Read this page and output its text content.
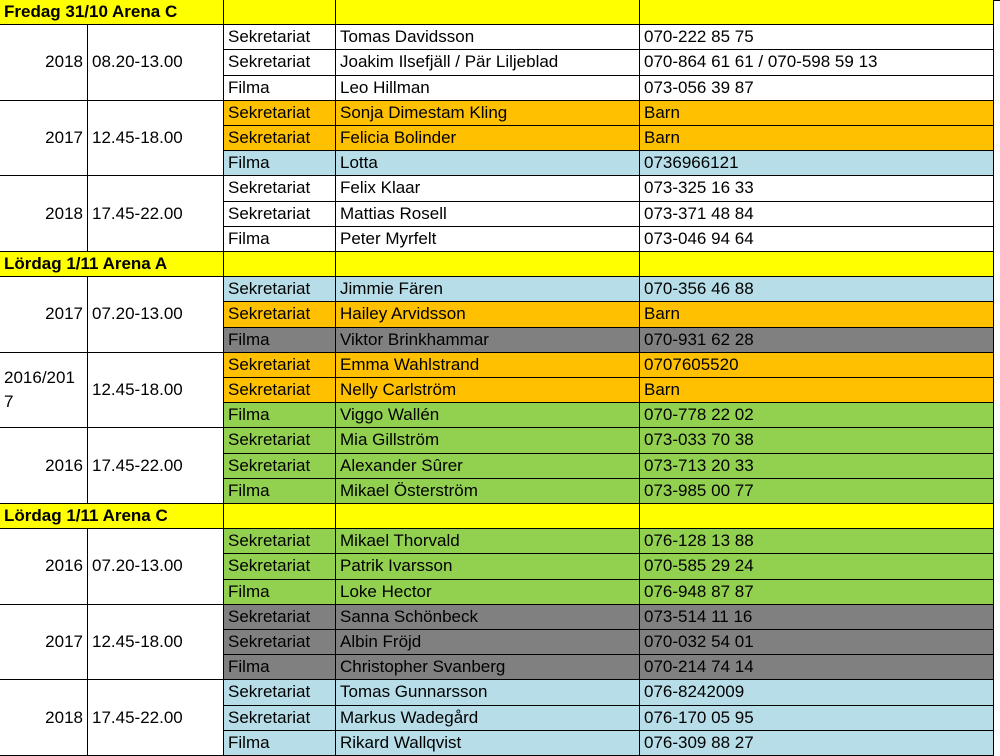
Fredag 31/10 Arena C
2018 08.20-13.00
Sekretariat	Tomas Davidsson	070-222 85 75
Sekretariat	Joakim Ilsefjäll / Pär Liljeblad	070-864 61 61 / 070-598 59 13
Filma	Leo Hillman	073-056 39 87
2017 12.45-18.00
Sekretariat	Sonja Dimestam Kling	Barn
Sekretariat	Felicia Bolinder	Barn
Filma	Lotta	0736966121
2018 17.45-22.00
Sekretariat	Felix Klaar	073-325 16 33
Sekretariat	Mattias Rosell	073-371 48 84
Filma	Peter Myrfelt	073-046 94 64
Lördag 1/11 Arena A
2017 07.20-13.00
Sekretariat	Jimmie Fären	070-356 46 88
Sekretariat	Hailey Arvidsson	Barn
Filma	Viktor Brinkhammar	070-931 62 28
2016/2017
12.45-18.00
Sekretariat	Emma Wahlstrand	0707605520
Sekretariat	Nelly Carlström	Barn
Filma	Viggo Wallén	070-778 22 02
2016 17.45-22.00
Sekretariat	Mia Gillström	073-033 70 38
Sekretariat	Alexander Sûrer	073-713 20 33
Filma	Mikael Österström	073-985 00 77
Lördag 1/11 Arena C
2016 07.20-13.00
Sekretariat	Mikael Thorvald	076-128 13 88
Sekretariat	Patrik Ivarsson	070-585 29 24
Filma	Loke Hector	076-948 87 87
2017 12.45-18.00
Sekretariat	Sanna Schönbeck	073-514 11 16
Sekretariat	Albin Fröjd	070-032 54 01
Filma	Christopher Svanberg	070-214 74 14
2018 17.45-22.00
Sekretariat	Tomas Gunnarsson	076-8242009
Sekretariat	Markus Wadegård	076-170 05 95
Filma	Rikard Wallqvist	076-309 88 27
